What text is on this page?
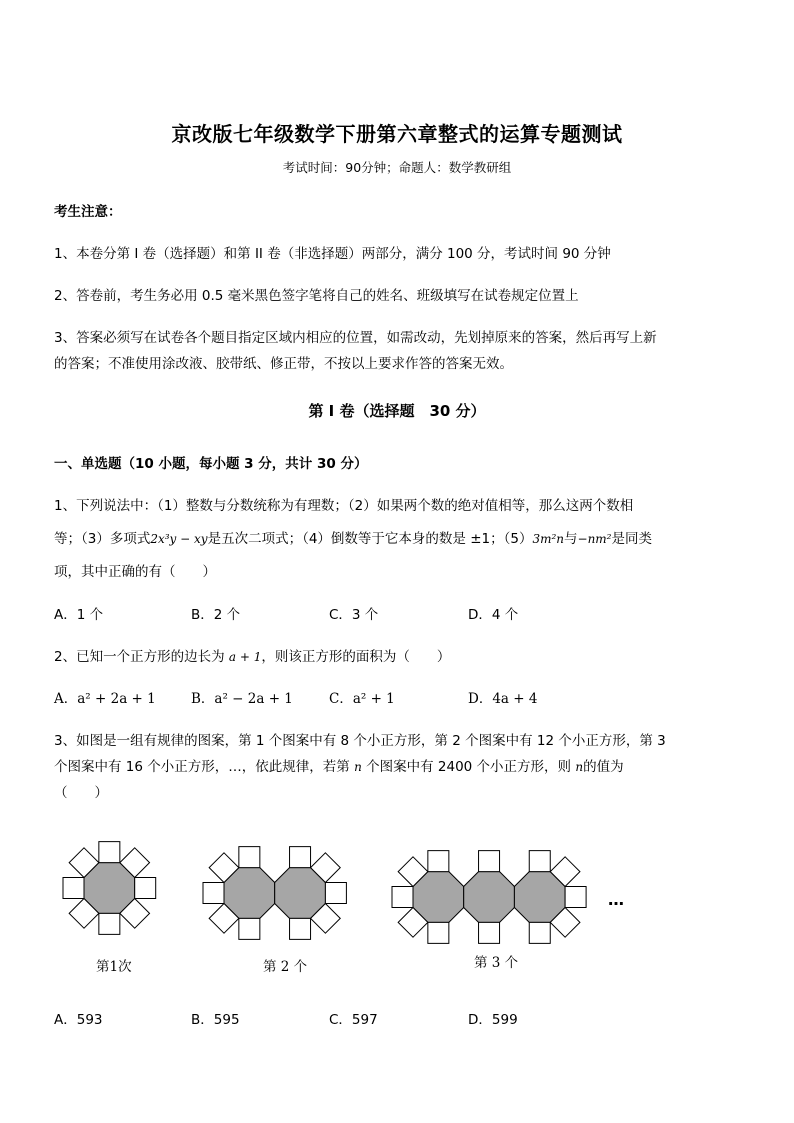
京改版七年级数学下册第六章整式的运算专题测试
考试时间：90分钟；命题人：数学教研组
考生注意：
1、本卷分第 I 卷（选择题）和第 II 卷（非选择题）两部分，满分 100 分，考试时间 90 分钟
2、答卷前，考生务必用 0.5 毫米黑色签字笔将自己的姓名、班级填写在试卷规定位置上
3、答案必须写在试卷各个题目指定区域内相应的位置，如需改动，先划掉原来的答案，然后再写上新
的答案；不准使用涂改液、胶带纸、修正带，不按以上要求作答的答案无效。
第 I 卷（选择题　30 分）
一、单选题（10 小题，每小题 3 分，共计 30 分）
1、下列说法中：（1）整数与分数统称为有理数；（2）如果两个数的绝对值相等，那么这两个数相
等；（3）多项式2x³y − xy是五次二项式；（4）倒数等于它本身的数是 ±1；（5）3m²n与−nm²是同类
项，其中正确的有（　　）
A．1 个	B．2 个	C．3 个	D．4 个
2、已知一个正方形的边长为 a + 1，则该正方形的面积为（　　）
A．a² + 2a + 1	B．a² − 2a + 1	C．a² + 1	D．4a + 4
3、如图是一组有规律的图案，第 1 个图案中有 8 个小正方形，第 2 个图案中有 12 个小正方形，第 3
个图案中有 16 个小正方形，…，依此规律，若第 n 个图案中有 2400 个小正方形，则 n的值为
（　　）
第1次	第 2 个	第 3 个
…
A．593	B．595	C．597	D．599
